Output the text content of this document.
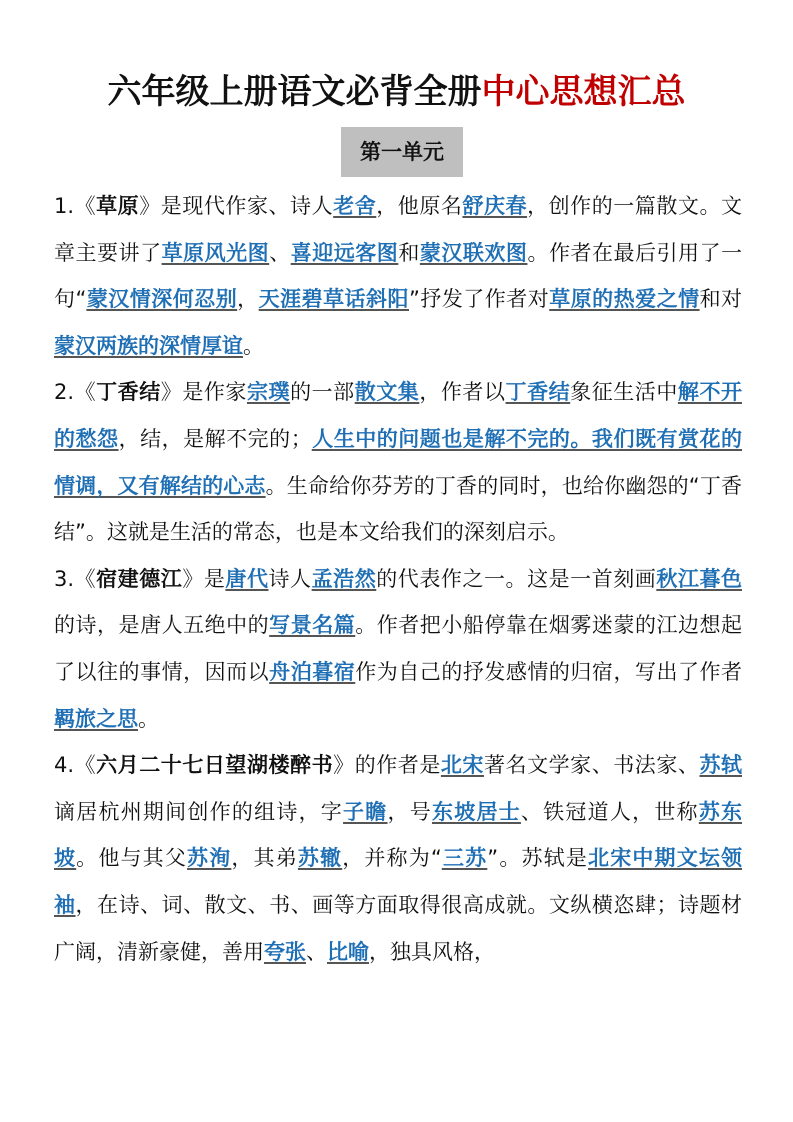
六年级上册语文必背全册中心思想汇总
第一单元

1.《草原》是现代作家、诗人老舍，他原名舒庆春，创作的一篇散文。文章主要讲了草原风光图、喜迎远客图和蒙汉联欢图。作者在最后引用了一句“蒙汉情深何忍别，天涯碧草话斜阳”抒发了作者对草原的热爱之情和对蒙汉两族的深情厚谊。

2.《丁香结》是作家宗璞的一部散文集，作者以丁香结象征生活中解不开的愁怨，结，是解不完的；人生中的问题也是解不完的。我们既有赏花的情调，又有解结的心志。生命给你芬芳的丁香的同时，也给你幽怨的“丁香结”。这就是生活的常态，也是本文给我们的深刻启示。

3.《宿建德江》是唐代诗人孟浩然的代表作之一。这是一首刻画秋江暮色的诗，是唐人五绝中的写景名篇。作者把小船停靠在烟雾迷蒙的江边想起了以往的事情，因而以舟泊暮宿作为自己的抒发感情的归宿，写出了作者羁旅之思。

4.《六月二十七日望湖楼醉书》的作者是北宋著名文学家、书法家、苏轼谪居杭州期间创作的组诗，字子瞻，号东坡居士、铁冠道人，世称苏东坡。他与其父苏洵，其弟苏辙，并称为“三苏”。苏轼是北宋中期文坛领袖，在诗、词、散文、书、画等方面取得很高成就。文纵横恣肆；诗题材广阔，清新豪健，善用夸张、比喻，独具风格，
